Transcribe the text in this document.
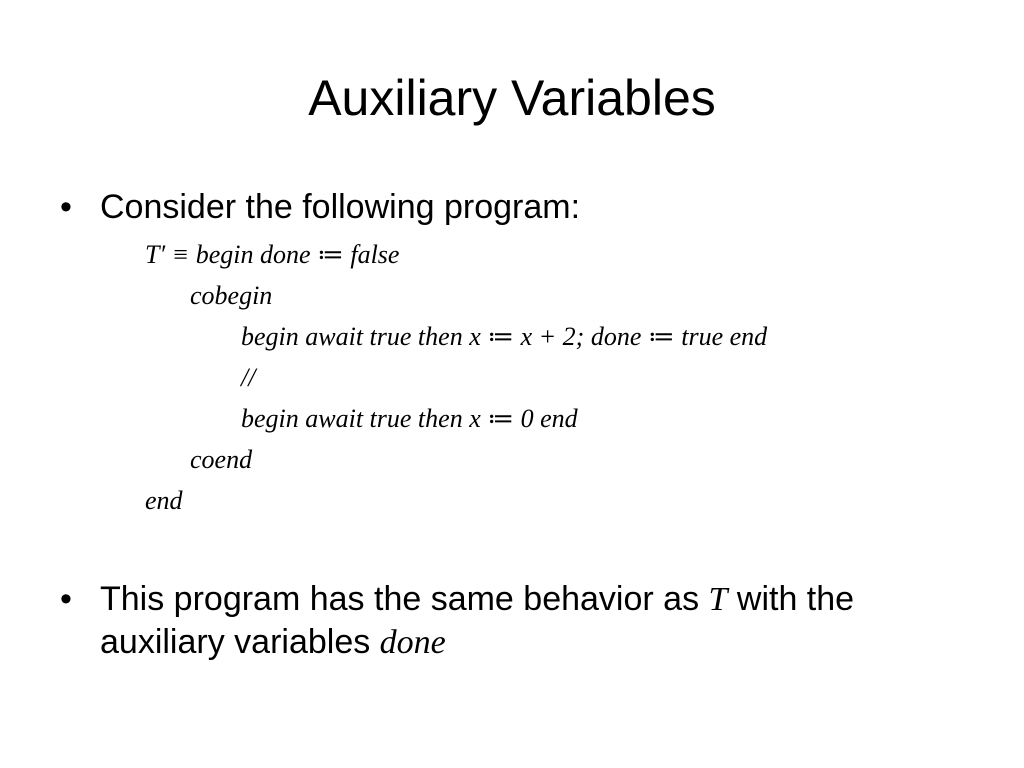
Auxiliary Variables
• Consider the following program:
T′ ≡ begin done ≔ false
cobegin
begin await true then x ≔ x + 2; done ≔ true end
//
begin await true then x ≔ 0 end
coend
end
• This program has the same behavior as T with the
auxiliary variables done
